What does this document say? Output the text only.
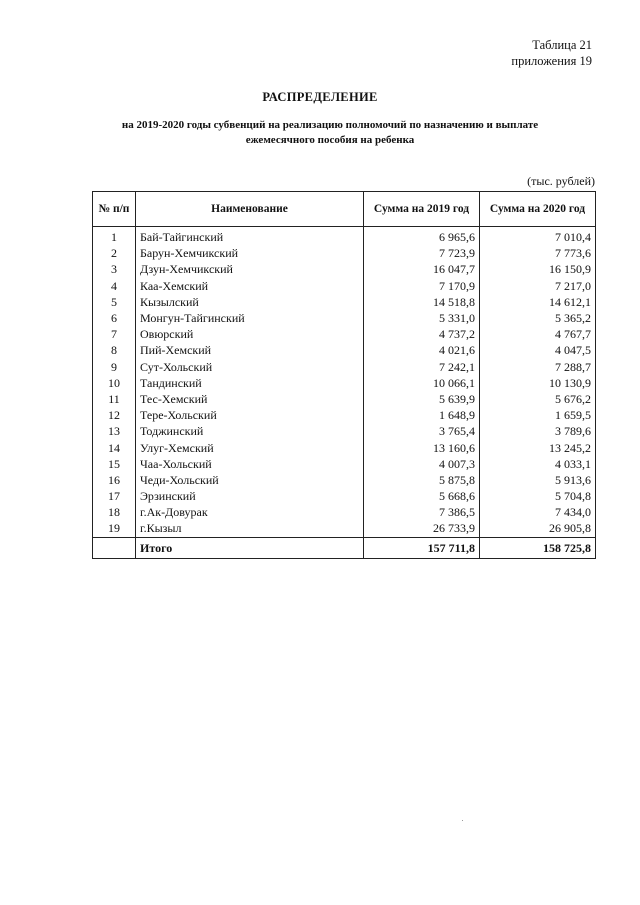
Таблица 21
приложения 19
РАСПРЕДЕЛЕНИЕ
на 2019-2020 годы субвенций на реализацию полномочий по назначению и выплате
ежемесячного пособия на ребенка
(тыс. рублей)
№ п/п	Наименование	Сумма на 2019 год	Сумма на 2020 год
1	Бай-Тайгинский	6 965,6	7 010,4
2	Барун-Хемчикский	7 723,9	7 773,6
3	Дзун-Хемчикский	16 047,7	16 150,9
4	Каа-Хемский	7 170,9	7 217,0
5	Кызылский	14 518,8	14 612,1
6	Монгун-Тайгинский	5 331,0	5 365,2
7	Овюрский	4 737,2	4 767,7
8	Пий-Хемский	4 021,6	4 047,5
9	Сут-Хольский	7 242,1	7 288,7
10	Тандинский	10 066,1	10 130,9
11	Тес-Хемский	5 639,9	5 676,2
12	Тере-Хольский	1 648,9	1 659,5
13	Тоджинский	3 765,4	3 789,6
14	Улуг-Хемский	13 160,6	13 245,2
15	Чаа-Хольский	4 007,3	4 033,1
16	Чеди-Хольский	5 875,8	5 913,6
17	Эрзинский	5 668,6	5 704,8
18	г.Ак-Довурак	7 386,5	7 434,0
19	г.Кызыл	26 733,9	26 905,8
	Итого	157 711,8	158 725,8
